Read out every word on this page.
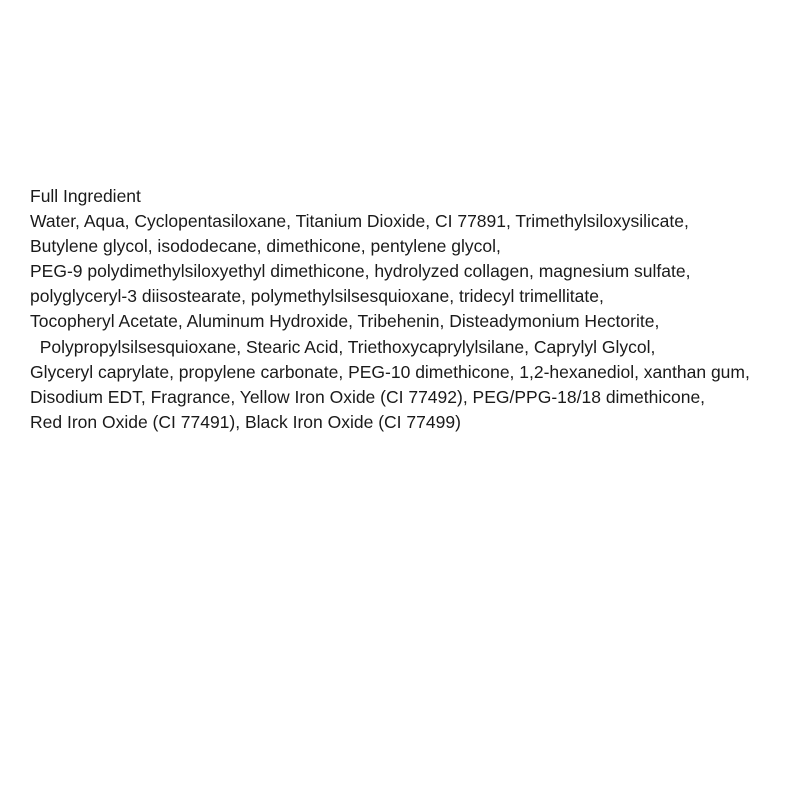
Full Ingredient
Water, Aqua, Cyclopentasiloxane, Titanium Dioxide, CI 77891, Trimethylsiloxysilicate,
Butylene glycol, isododecane, dimethicone, pentylene glycol,
PEG-9 polydimethylsiloxyethyl dimethicone, hydrolyzed collagen, magnesium sulfate,
polyglyceryl-3 diisostearate, polymethylsilsesquioxane, tridecyl trimellitate,
Tocopheryl Acetate, Aluminum Hydroxide, Tribehenin, Disteadymonium Hectorite,
Polypropylsilsesquioxane, Stearic Acid, Triethoxycaprylylsilane, Caprylyl Glycol,
Glyceryl caprylate, propylene carbonate, PEG-10 dimethicone, 1,2-hexanediol, xanthan gum,
Disodium EDT, Fragrance, Yellow Iron Oxide (CI 77492), PEG/PPG-18/18 dimethicone,
Red Iron Oxide (CI 77491), Black Iron Oxide (CI 77499)
